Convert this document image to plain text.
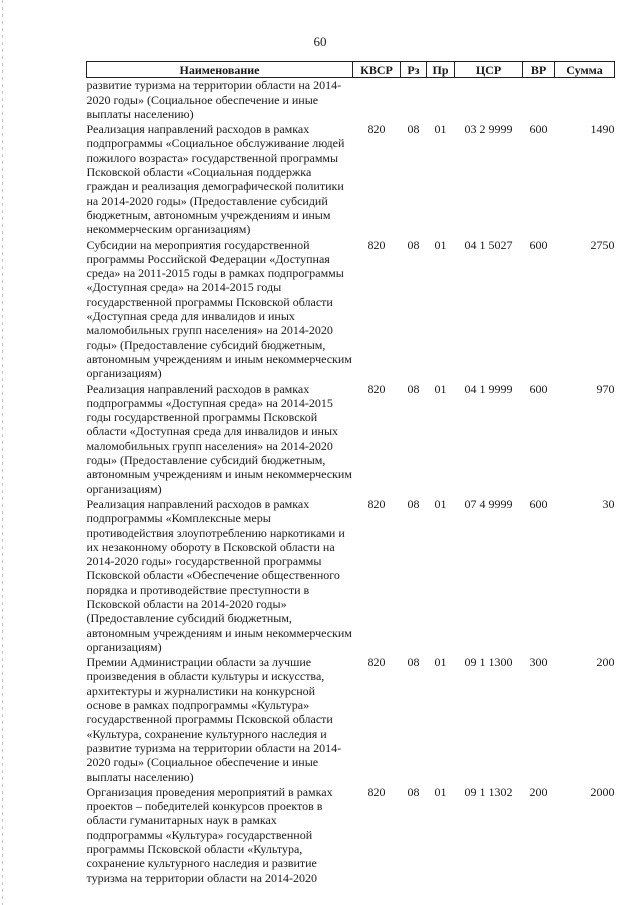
60
Наименование	КВСР	Рз	Пр	ЦСР	ВР	Сумма
развитие туризма на территории области на 2014-2020 годы» (Социальное обеспечение и иные выплаты населению)						
Реализация направлений расходов в рамках подпрограммы «Социальное обслуживание людей пожилого возраста» государственной программы Псковской области «Социальная поддержка граждан и реализация демографической политики на 2014-2020 годы» (Предоставление субсидий бюджетным, автономным учреждениям и иным некоммерческим организациям)	820	08	01	03 2 9999	600	1490
Субсидии на мероприятия государственной программы Российской Федерации «Доступная среда» на 2011-2015 годы в рамках подпрограммы «Доступная среда» на 2014-2015 годы государственной программы Псковской области «Доступная среда для инвалидов и иных маломобильных групп населения» на 2014-2020 годы» (Предоставление субсидий бюджетным, автономным учреждениям и иным некоммерческим организациям)	820	08	01	04 1 5027	600	2750
Реализация направлений расходов в рамках подпрограммы «Доступная среда» на 2014-2015 годы государственной программы Псковской области «Доступная среда для инвалидов и иных маломобильных групп населения» на 2014-2020 годы» (Предоставление субсидий бюджетным, автономным учреждениям и иным некоммерческим организациям)	820	08	01	04 1 9999	600	970
Реализация направлений расходов в рамках подпрограммы «Комплексные меры противодействия злоупотреблению наркотиками и их незаконному обороту в Псковской области на 2014-2020 годы» государственной программы Псковской области «Обеспечение общественного порядка и противодействие преступности в Псковской области на 2014-2020 годы» (Предоставление субсидий бюджетным, автономным учреждениям и иным некоммерческим организациям)	820	08	01	07 4 9999	600	30
Премии Администрации области за лучшие произведения в области культуры и искусства, архитектуры и журналистики на конкурсной основе в рамках подпрограммы «Культура» государственной программы Псковской области «Культура, сохранение культурного наследия и развитие туризма на территории области на 2014-2020 годы» (Социальное обеспечение и иные выплаты населению)	820	08	01	09 1 1300	300	200
Организация проведения мероприятий в рамках проектов – победителей конкурсов проектов в области гуманитарных наук в рамках подпрограммы «Культура» государственной программы Псковской области «Культура, сохранение культурного наследия и развитие туризма на территории области на 2014-2020	820	08	01	09 1 1302	200	2000
